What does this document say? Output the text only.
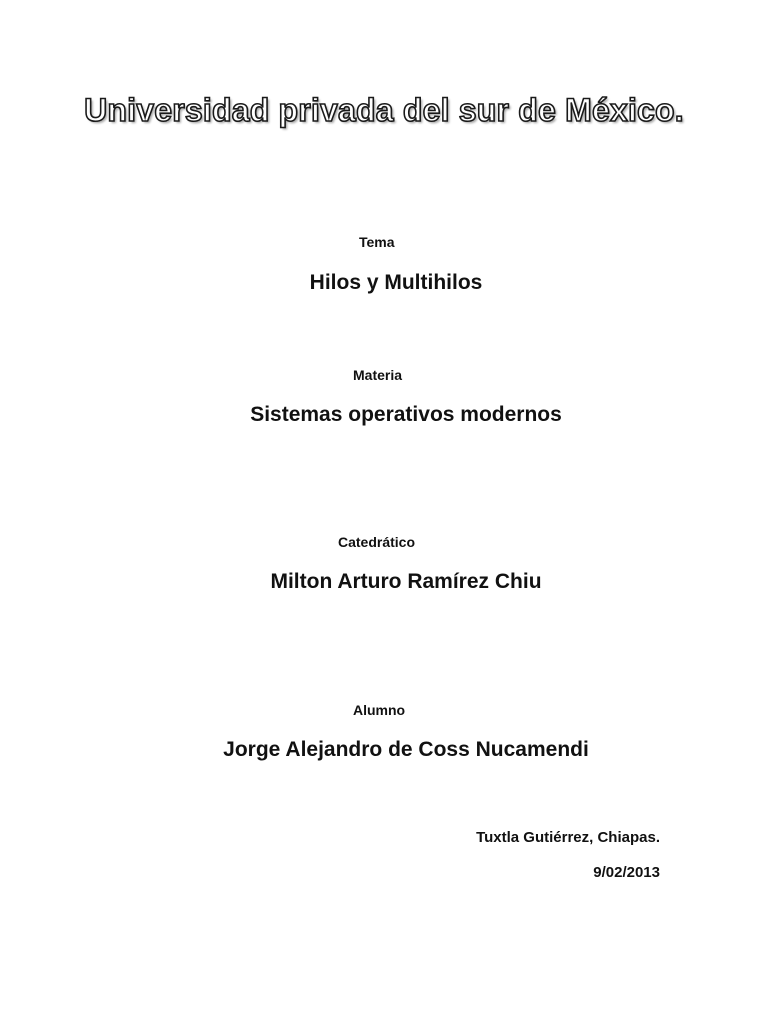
Universidad privada del sur de México.
Tema
Hilos y Multihilos
Materia
Sistemas operativos modernos
Catedrático
Milton Arturo Ramírez Chiu
Alumno
Jorge Alejandro de Coss Nucamendi
Tuxtla Gutiérrez, Chiapas.
9/02/2013
